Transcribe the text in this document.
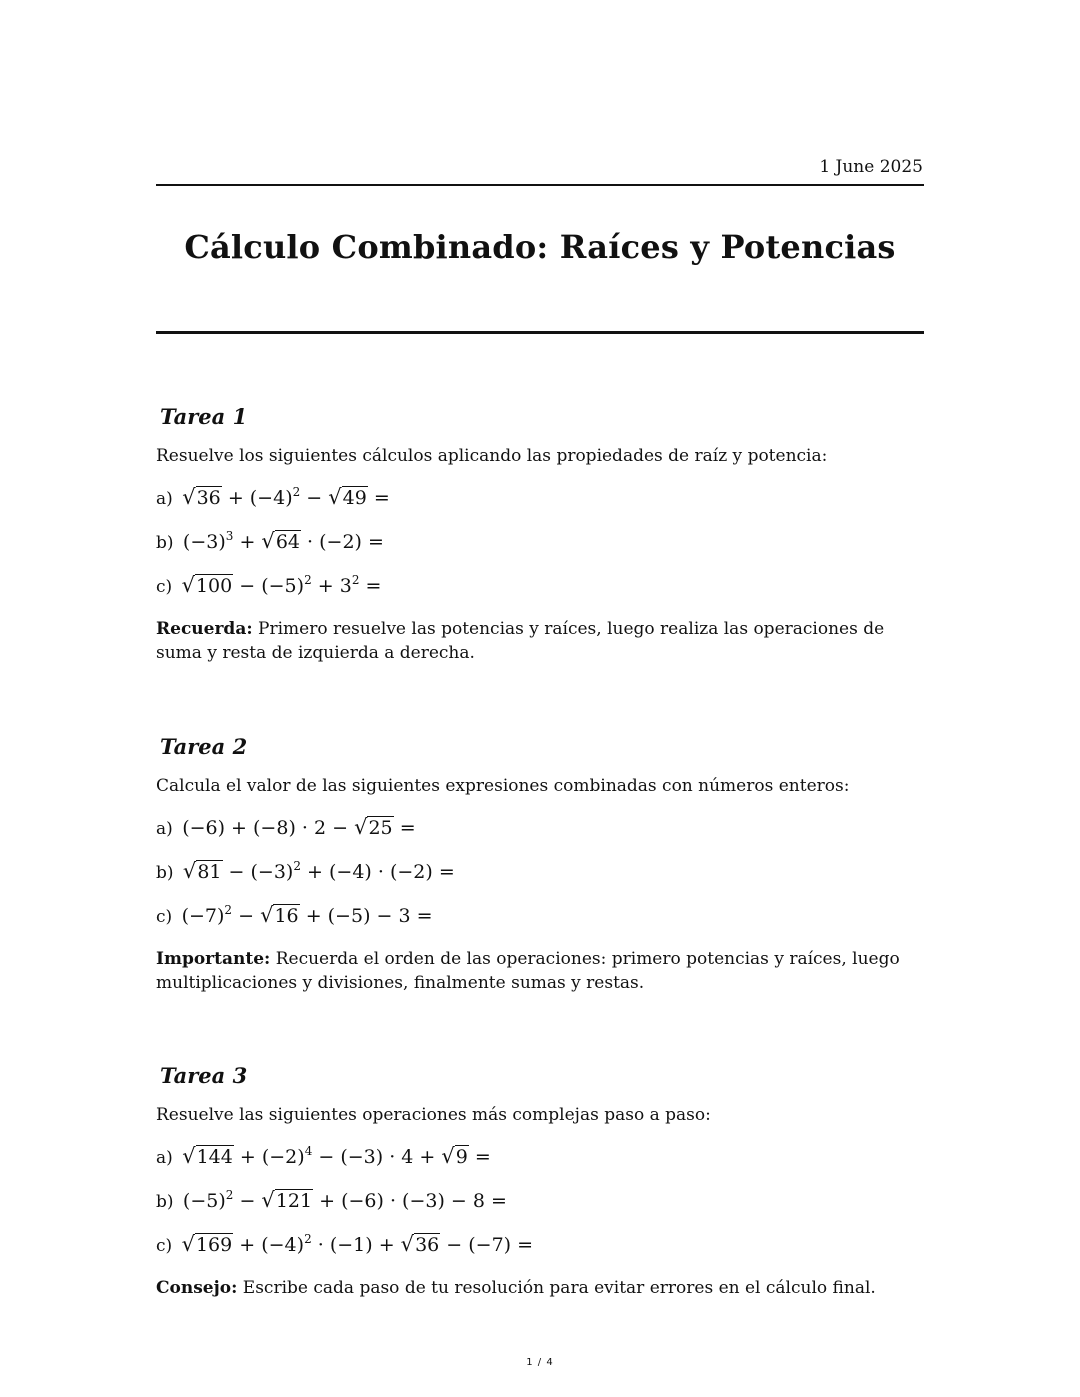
1 June 2025
Cálculo Combinado: Raíces y Potencias
Tarea 1

Resuelve los siguientes cálculos aplicando las propiedades de raíz y potencia:

a) $√36 + (-4)^2 - √49$ =
b) $(-3)^3 + √64 \cdot (-2)$ =
c) $√100 - (-5)^2 + 3^2$ =
Recuerda: Primero resuelve las potencias y raíces, luego realiza las operaciones de suma y resta de izquierda a derecha.
Tarea 2

Calcula el valor de las siguientes expresiones combinadas con números enteros:

a) (−6) + (−8) · 2 − √25 =
b) $√81 - (-3)^2 + (-4) \cdot (-2)$ =
c) $(-7)^2 - √16 + (-5) - 3$ =
Importante: Recuerda el orden de las operaciones: primero potencias y raíces, luego multiplicaciones y divisiones, finalmente sumas y restas.
Tarea 3

Resuelve las siguientes operaciones más complejas paso a paso:

a) $√144 + (-2)^4 - (-3) \cdot 4 + √9$ =
b) $(-5)^2 - √121 + (-6) \cdot (-3) - 8$ =
c) $√169 + (-4)^2 \cdot (-1) + √36 - (-7)$ =
Consejo: Escribe cada paso de tu resolución para evitar errores en el cálculo final.
1 / 4
